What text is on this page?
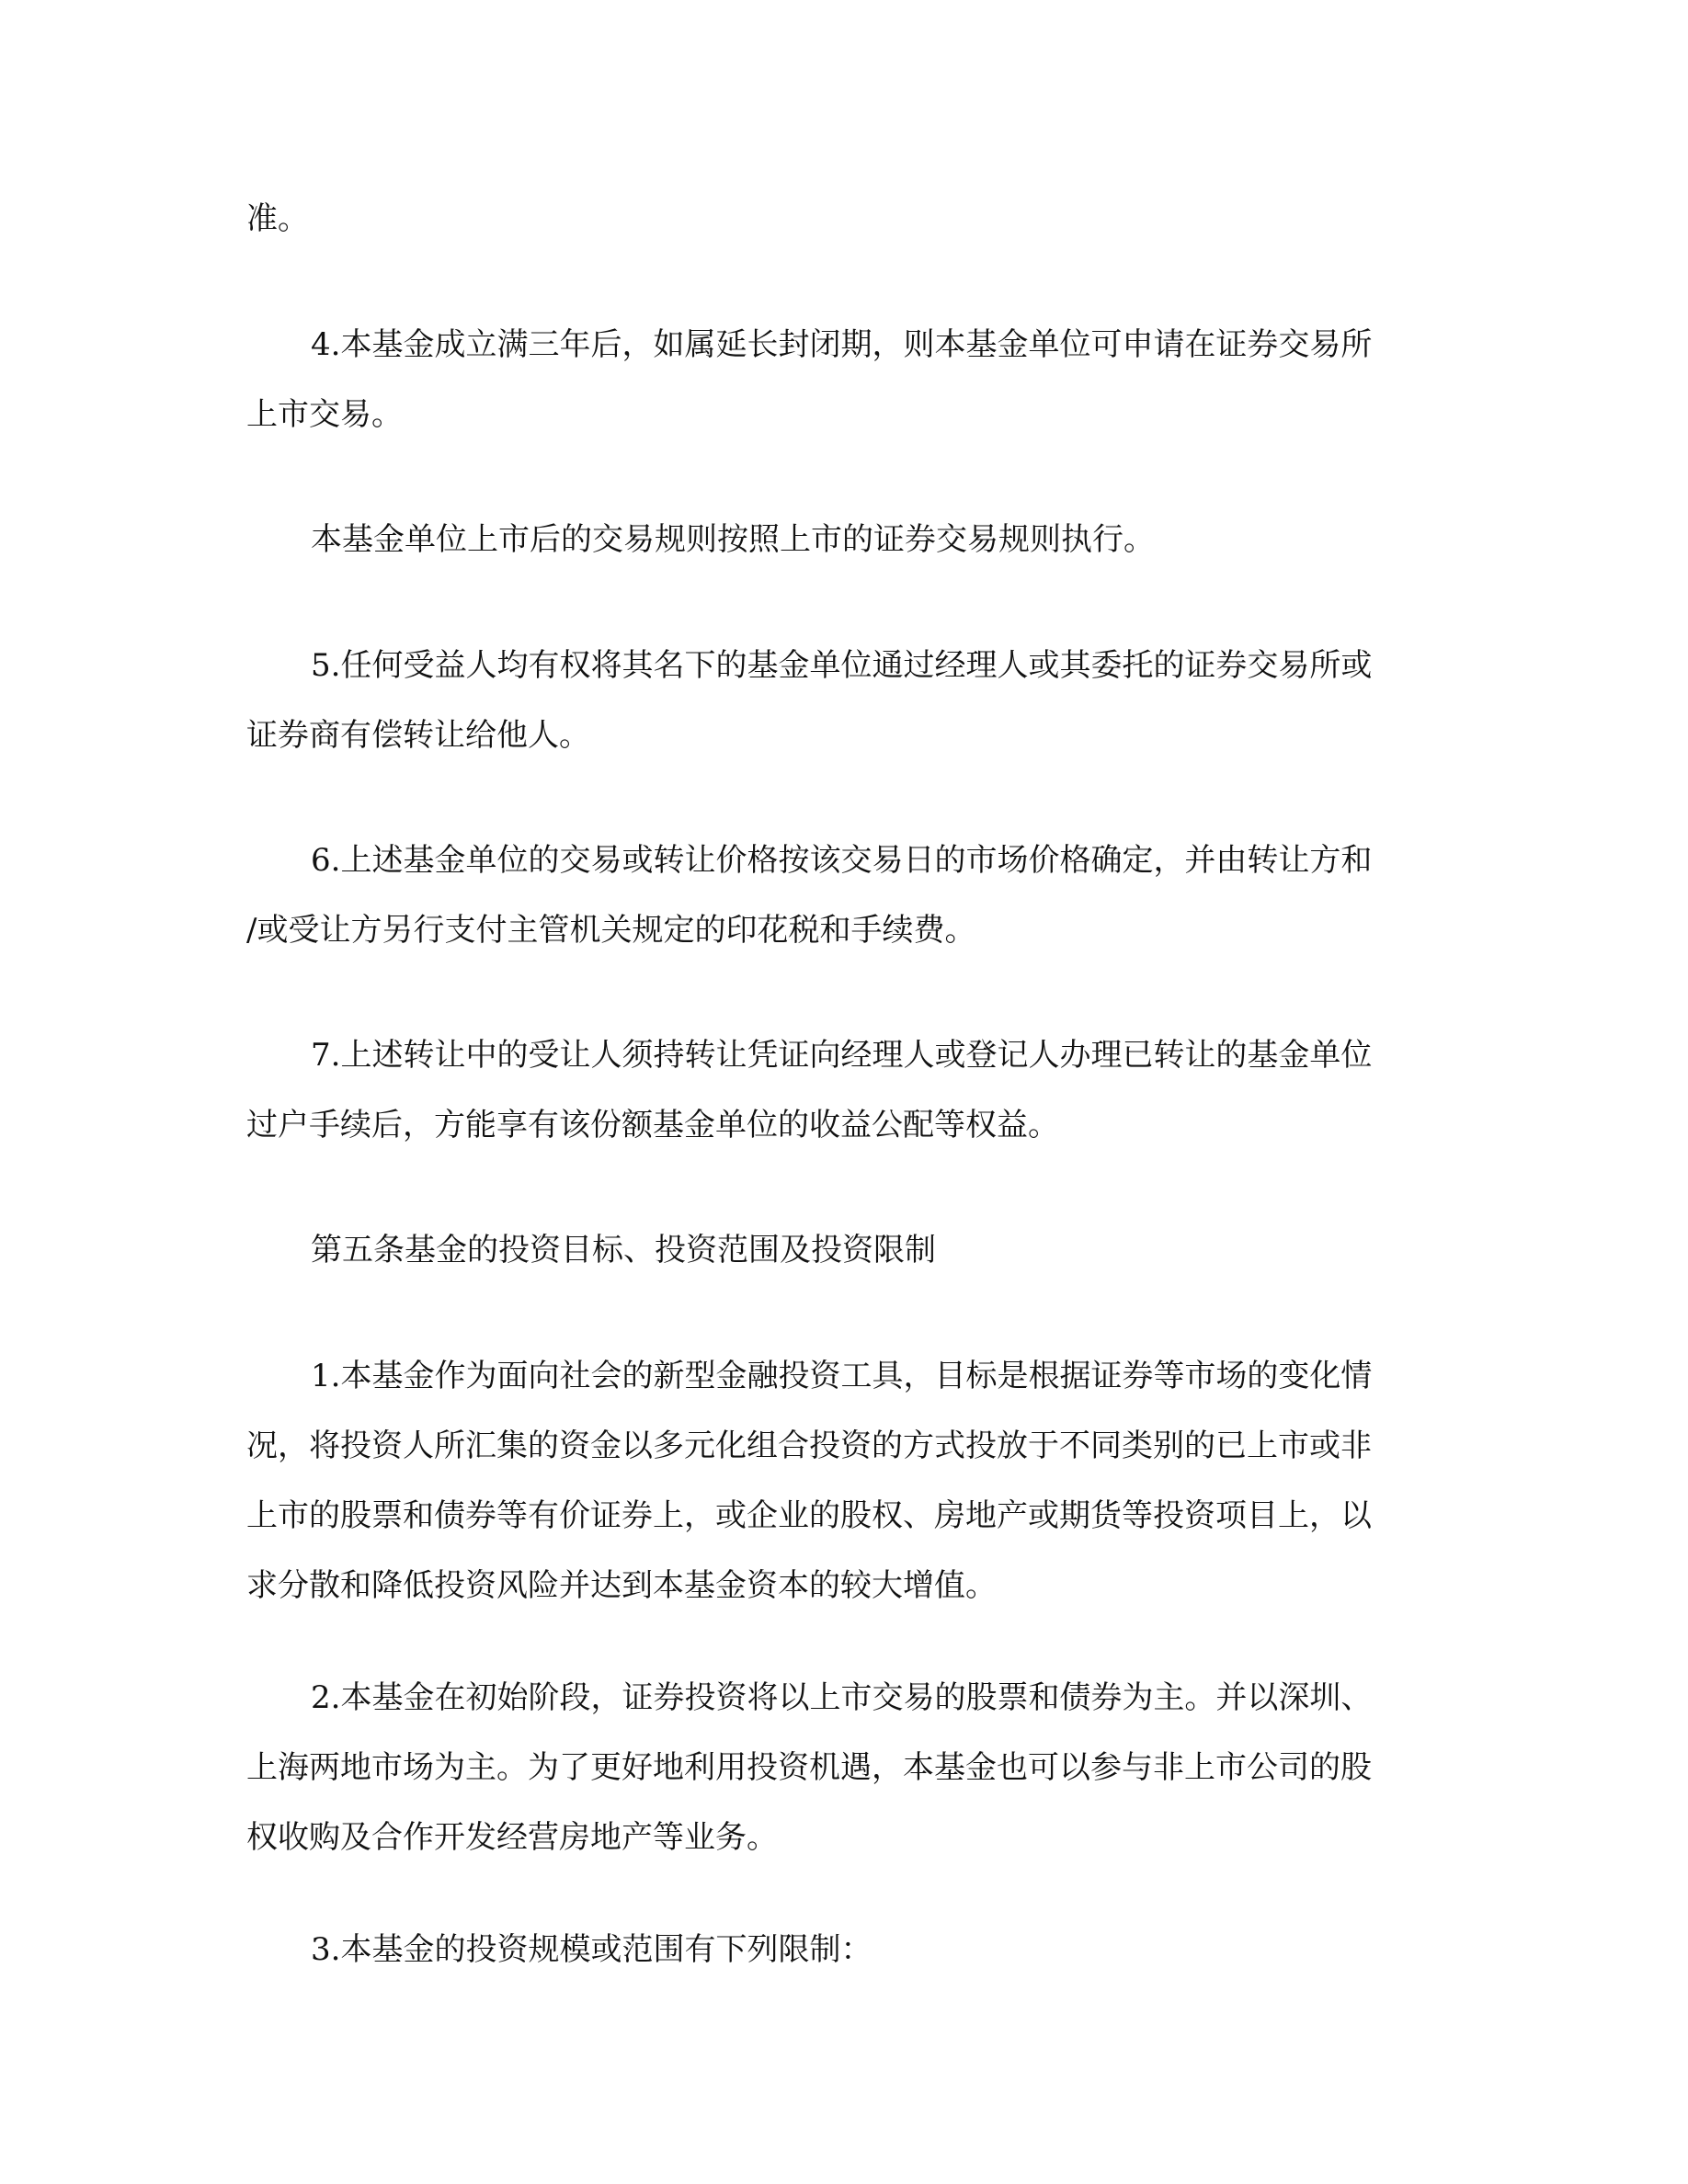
准。
4.本基金成立满三年后，如属延长封闭期，则本基金单位可申请在证券交易所
上市交易。
本基金单位上市后的交易规则按照上市的证券交易规则执行。
5.任何受益人均有权将其名下的基金单位通过经理人或其委托的证券交易所或
证券商有偿转让给他人。
6.上述基金单位的交易或转让价格按该交易日的市场价格确定，并由转让方和
/或受让方另行支付主管机关规定的印花税和手续费。
7.上述转让中的受让人须持转让凭证向经理人或登记人办理已转让的基金单位
过户手续后，方能享有该份额基金单位的收益公配等权益。
第五条基金的投资目标、投资范围及投资限制
1.本基金作为面向社会的新型金融投资工具，目标是根据证券等市场的变化情
况，将投资人所汇集的资金以多元化组合投资的方式投放于不同类别的已上市或非
上市的股票和债券等有价证券上，或企业的股权、房地产或期货等投资项目上，以
求分散和降低投资风险并达到本基金资本的较大增值。
2.本基金在初始阶段，证券投资将以上市交易的股票和债券为主。并以深圳、
上海两地市场为主。为了更好地利用投资机遇，本基金也可以参与非上市公司的股
权收购及合作开发经营房地产等业务。
3.本基金的投资规模或范围有下列限制：
